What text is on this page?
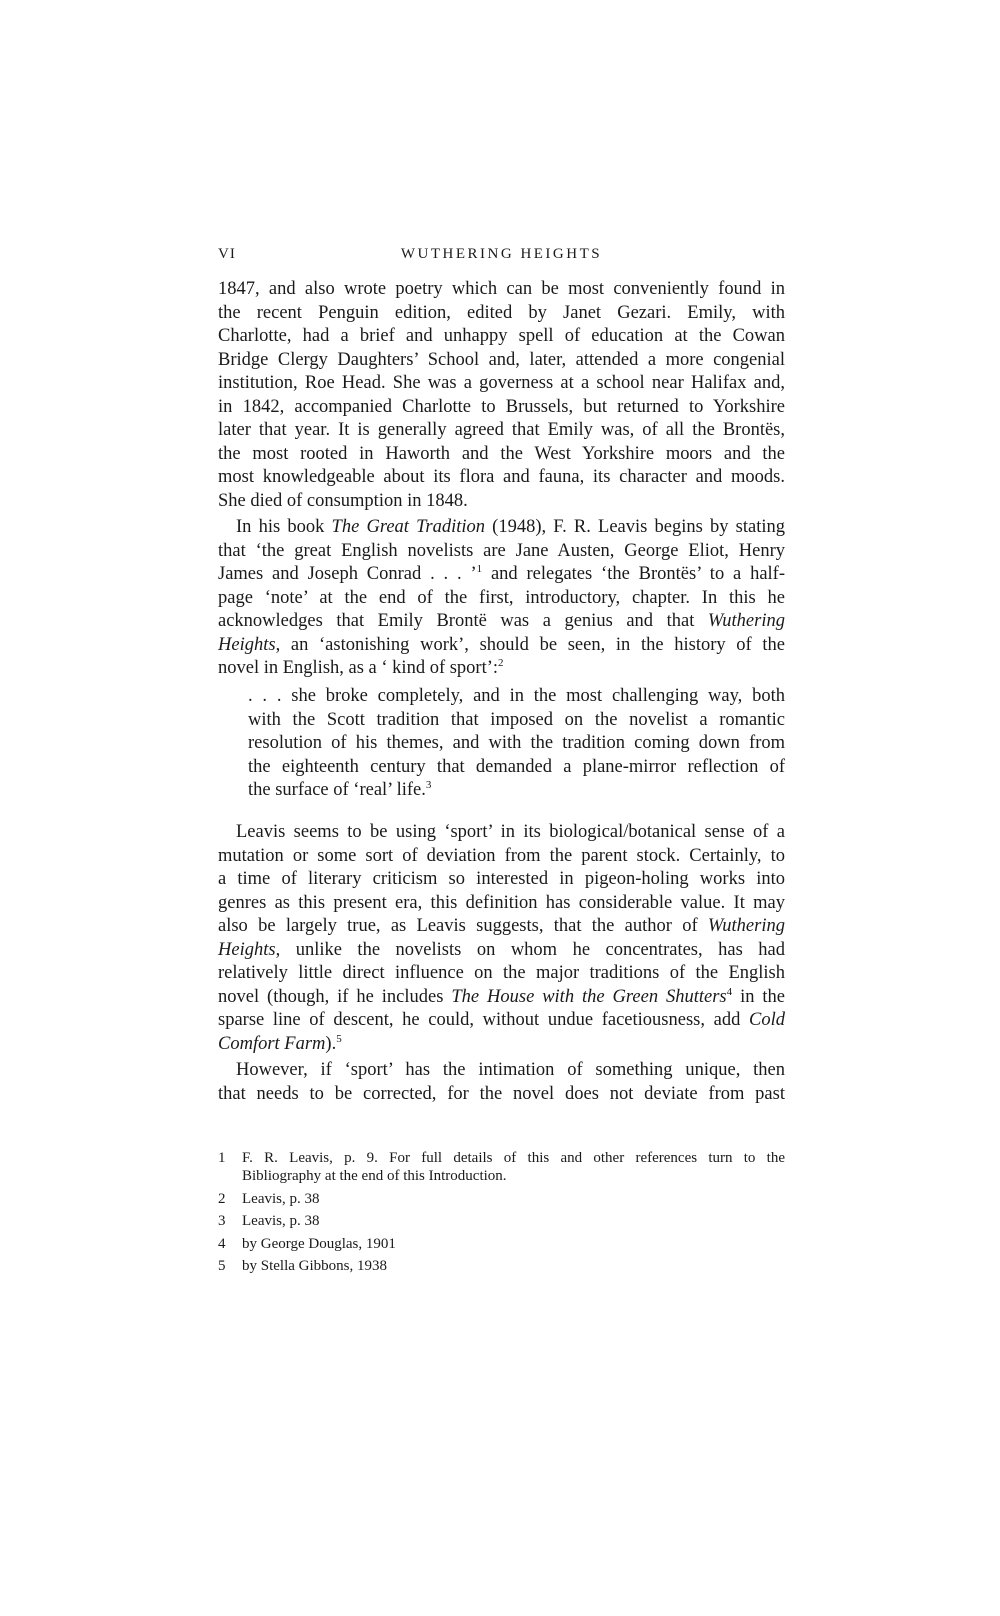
VI	WUTHERING HEIGHTS
1847, and also wrote poetry which can be most conveniently found in
the recent Penguin edition, edited by Janet Gezari. Emily, with
Charlotte, had a brief and unhappy spell of education at the Cowan
Bridge Clergy Daughters’ School and, later, attended a more congenial
institution, Roe Head. She was a governess at a school near Halifax and,
in 1842, accompanied Charlotte to Brussels, but returned to Yorkshire
later that year. It is generally agreed that Emily was, of all the Brontës,
the most rooted in Haworth and the West Yorkshire moors and the
most knowledgeable about its flora and fauna, its character and moods.
She died of consumption in 1848.
In his book The Great Tradition (1948), F. R. Leavis begins by stating
that ‘the great English novelists are Jane Austen, George Eliot, Henry
James and Joseph Conrad . . . ’$^1$ and relegates ‘the Brontës’ to a half-
page ‘note’ at the end of the first, introductory, chapter. In this he
acknowledges that Emily Brontë was a genius and that Wuthering
Heights, an ‘astonishing work’, should be seen, in the history of the
novel in English, as a ‘ kind of sport’:$^2$
. . . she broke completely, and in the most challenging way, both
with the Scott tradition that imposed on the novelist a romantic
resolution of his themes, and with the tradition coming down from
the eighteenth century that demanded a plane-mirror reflection of
the surface of ‘real’ life.$^3$
Leavis seems to be using ‘sport’ in its biological/botanical sense of a
mutation or some sort of deviation from the parent stock. Certainly, to
a time of literary criticism so interested in pigeon-holing works into
genres as this present era, this definition has considerable value. It may
also be largely true, as Leavis suggests, that the author of Wuthering
Heights, unlike the novelists on whom he concentrates, has had
relatively little direct influence on the major traditions of the English
novel (though, if he includes The House with the Green Shutters$^4$ in the
sparse line of descent, he could, without undue facetiousness, add Cold
Comfort Farm).$^5$
However, if ‘sport’ has the intimation of something unique, then
that needs to be corrected, for the novel does not deviate from past
1	F. R. Leavis, p. 9. For full details of this and other references turn to the
Bibliography at the end of this Introduction.
2	Leavis, p. 38
3	Leavis, p. 38
4	by George Douglas, 1901
5	by Stella Gibbons, 1938
